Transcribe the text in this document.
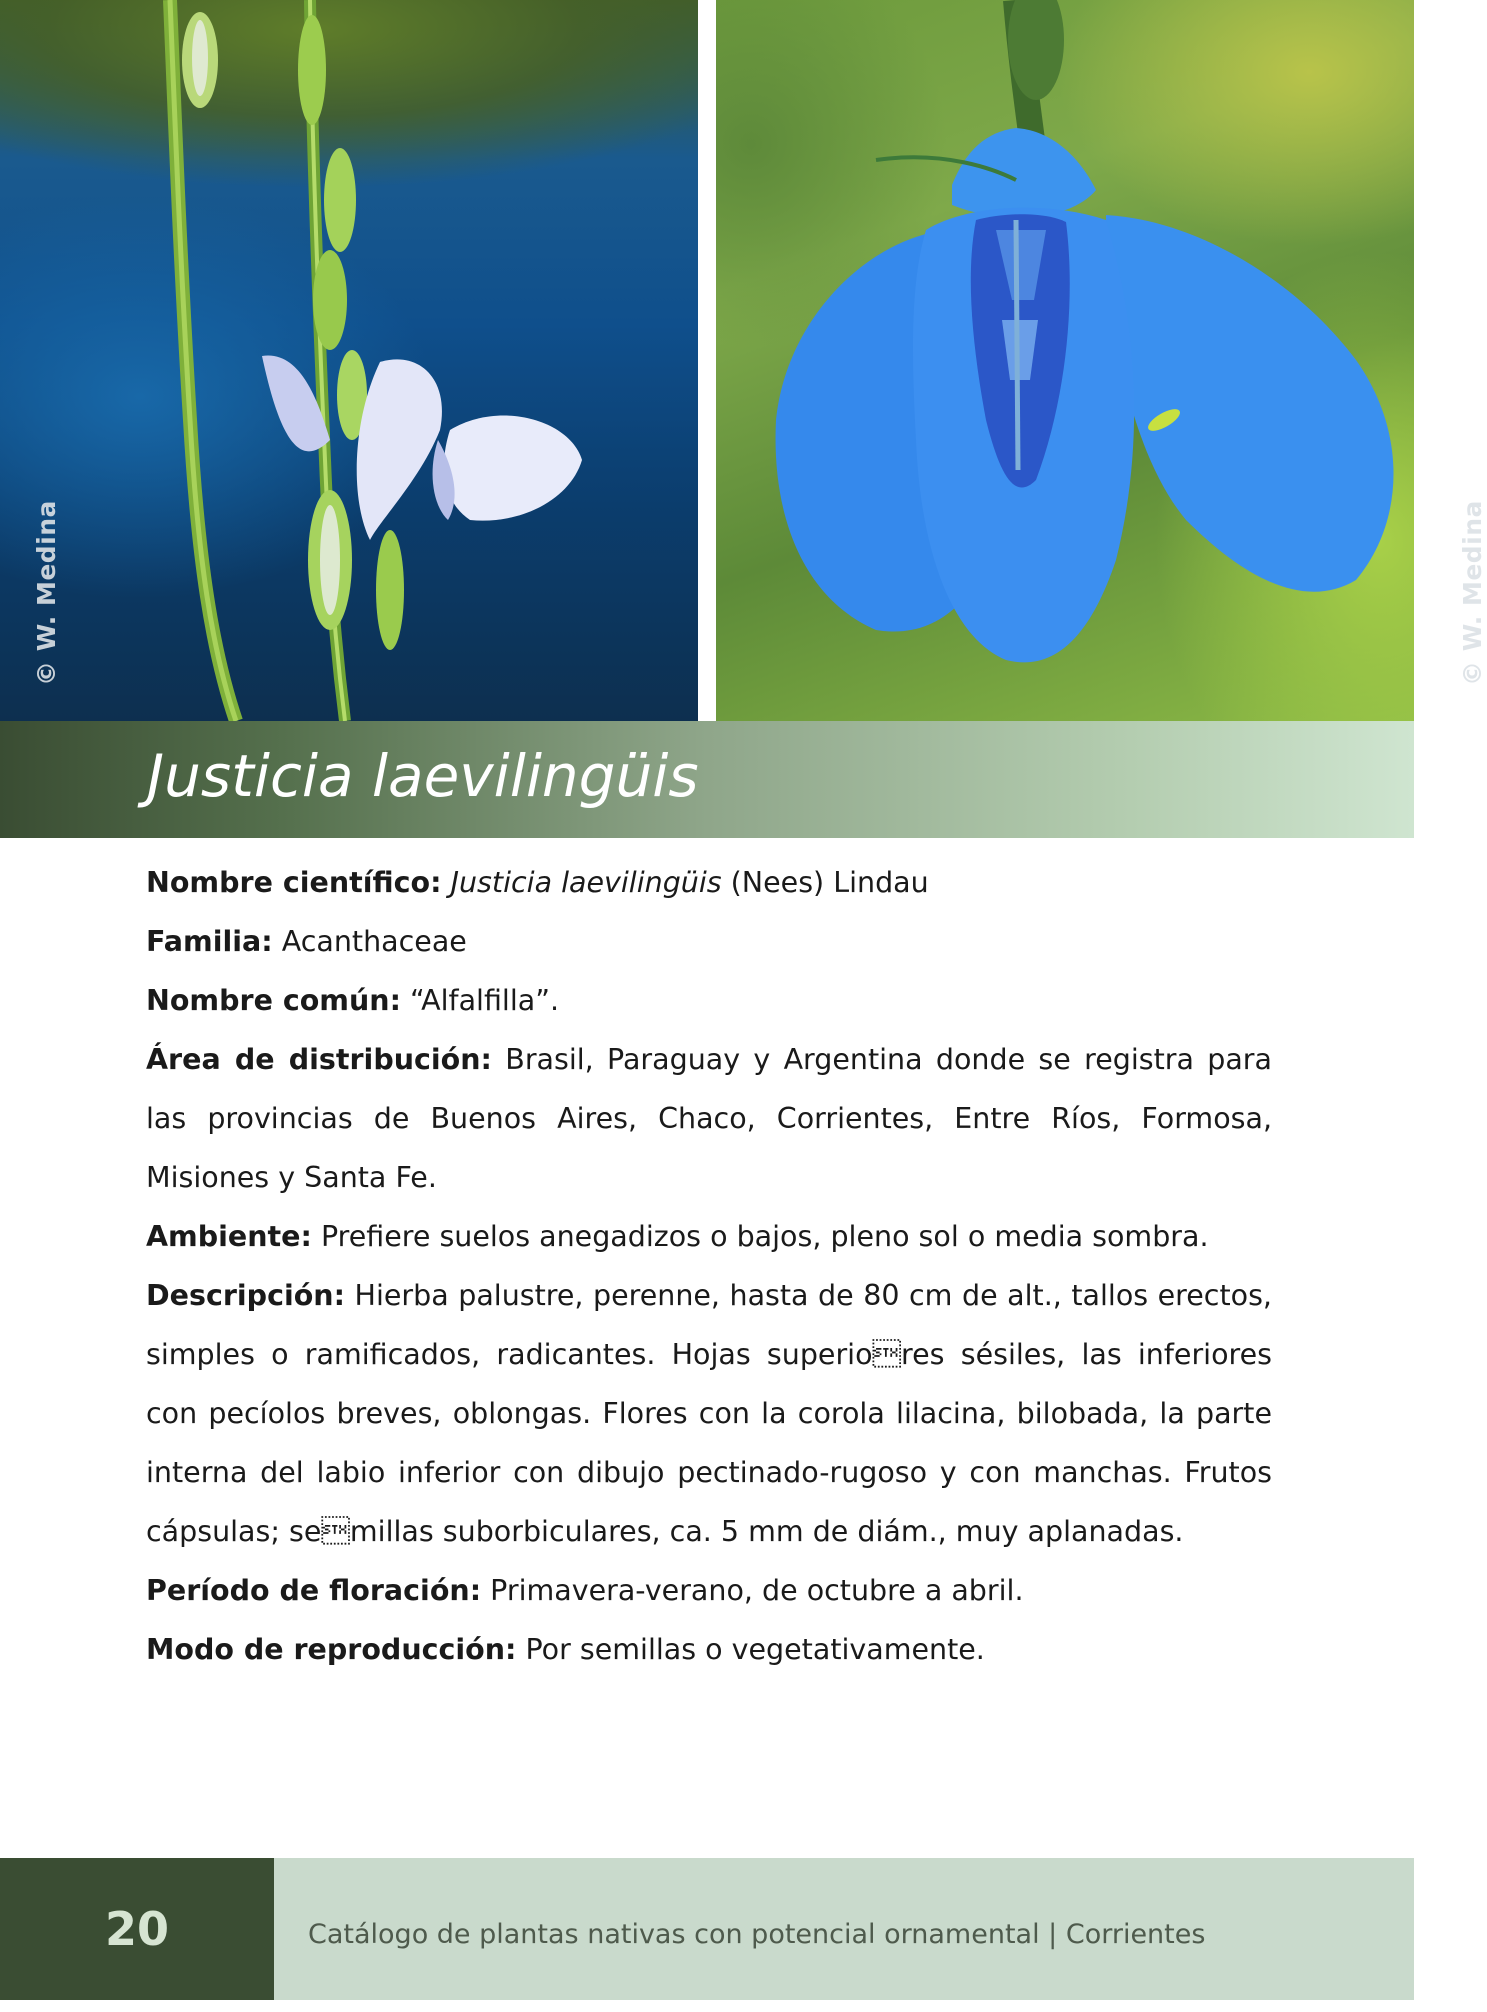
© W. Medina	© W. Medina
Justicia laevilingüis

Nombre científico: Justicia laevilingüis (Nees) Lindau

Familia: Acanthaceae

Nombre común: “Alfalfilla”.

Área de distribución: Brasil, Paraguay y Argentina donde se registra para las provincias de Buenos Aires, Chaco, Corrientes, Entre Ríos, Formosa, Misiones y Santa Fe.

Ambiente: Prefiere suelos anegadizos o bajos, pleno sol o media sombra.

Descripción: Hierba palustre, perenne, hasta de 80 cm de alt., tallos erectos, simples o ramificados, radicantes. Hojas superiores sésiles, las inferiores con pecíolos breves, oblongas. Flores con la corola lilacina, bilobada, la parte interna del labio inferior con dibujo pectinado-rugoso y con manchas. Frutos cápsulas; semillas suborbiculares, ca. 5 mm de diám., muy aplanadas.

Período de floración: Primavera-verano, de octubre a abril.

Modo de reproducción: Por semillas o vegetativamente.

20	Catálogo de plantas nativas con potencial ornamental | Corrientes
